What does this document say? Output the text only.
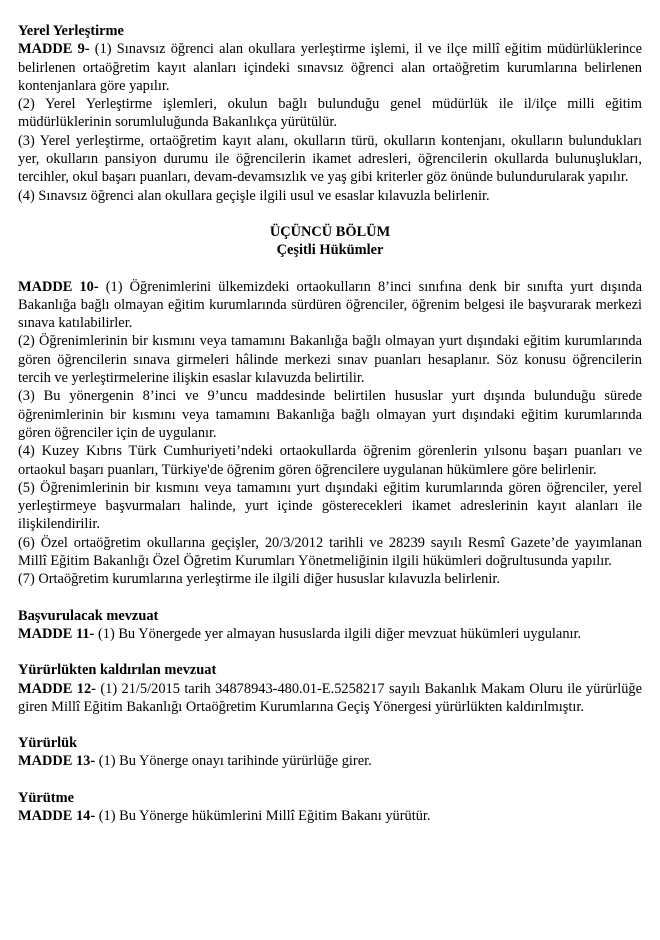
Yerel Yerleştirme

MADDE 9- (1) Sınavsız öğrenci alan okullara yerleştirme işlemi, il ve ilçe millî eğitim müdürlüklerince belirlenen ortaöğretim kayıt alanları içindeki sınavsız öğrenci alan ortaöğretim kurumlarına belirlenen kontenjanlara göre yapılır.

(2) Yerel Yerleştirme işlemleri, okulun bağlı bulunduğu genel müdürlük ile il/ilçe milli eğitim müdürlüklerinin sorumluluğunda Bakanlıkça yürütülür.

(3) Yerel yerleştirme, ortaöğretim kayıt alanı, okulların türü, okulların kontenjanı, okulların bulundukları yer, okulların pansiyon durumu ile öğrencilerin ikamet adresleri, öğrencilerin okullarda bulunuşlukları, tercihler, okul başarı puanları, devam-devamsızlık ve yaş gibi kriterler göz önünde bulundurularak yapılır.

(4) Sınavsız öğrenci alan okullara geçişle ilgili usul ve esaslar kılavuzla belirlenir.

ÜÇÜNCÜ BÖLÜM

Çeşitli Hükümler

MADDE 10- (1) Öğrenimlerini ülkemizdeki ortaokulların 8’inci sınıfına denk bir sınıfta yurt dışında Bakanlığa bağlı olmayan eğitim kurumlarında sürdüren öğrenciler, öğrenim belgesi ile başvurarak merkezi sınava katılabilirler.

(2) Öğrenimlerinin bir kısmını veya tamamını Bakanlığa bağlı olmayan yurt dışındaki eğitim kurumlarında gören öğrencilerin sınava girmeleri hâlinde merkezi sınav puanları hesaplanır. Söz konusu öğrencilerin tercih ve yerleştirmelerine ilişkin esaslar kılavuzda belirtilir.

(3) Bu yönergenin 8’inci ve 9’uncu maddesinde belirtilen hususlar yurt dışında bulunduğu sürede öğrenimlerinin bir kısmını veya tamamını Bakanlığa bağlı olmayan yurt dışındaki eğitim kurumlarında gören öğrenciler için de uygulanır.

(4) Kuzey Kıbrıs Türk Cumhuriyeti’ndeki ortaokullarda öğrenim görenlerin yılsonu başarı puanları ve ortaokul başarı puanları, Türkiye'de öğrenim gören öğrencilere uygulanan hükümlere göre belirlenir.

(5) Öğrenimlerinin bir kısmını veya tamamını yurt dışındaki eğitim kurumlarında gören öğrenciler, yerel yerleştirmeye başvurmaları halinde, yurt içinde gösterecekleri ikamet adreslerinin kayıt alanları ile ilişkilendirilir.

(6) Özel ortaöğretim okullarına geçişler, 20/3/2012 tarihli ve 28239 sayılı Resmî Gazete’de yayımlanan Millî Eğitim Bakanlığı Özel Öğretim Kurumları Yönetmeliğinin ilgili hükümleri doğrultusunda yapılır.

(7) Ortaöğretim kurumlarına yerleştirme ile ilgili diğer hususlar kılavuzla belirlenir.

Başvurulacak mevzuat

MADDE 11- (1) Bu Yönergede yer almayan hususlarda ilgili diğer mevzuat hükümleri uygulanır.

Yürürlükten kaldırılan mevzuat

MADDE 12- (1) 21/5/2015 tarih 34878943-480.01-E.5258217 sayılı Bakanlık Makam Oluru ile yürürlüğe giren Millî Eğitim Bakanlığı Ortaöğretim Kurumlarına Geçiş Yönergesi yürürlükten kaldırılmıştır.

Yürürlük

MADDE 13- (1) Bu Yönerge onayı tarihinde yürürlüğe girer.

Yürütme

MADDE 14- (1) Bu Yönerge hükümlerini Millî Eğitim Bakanı yürütür.
